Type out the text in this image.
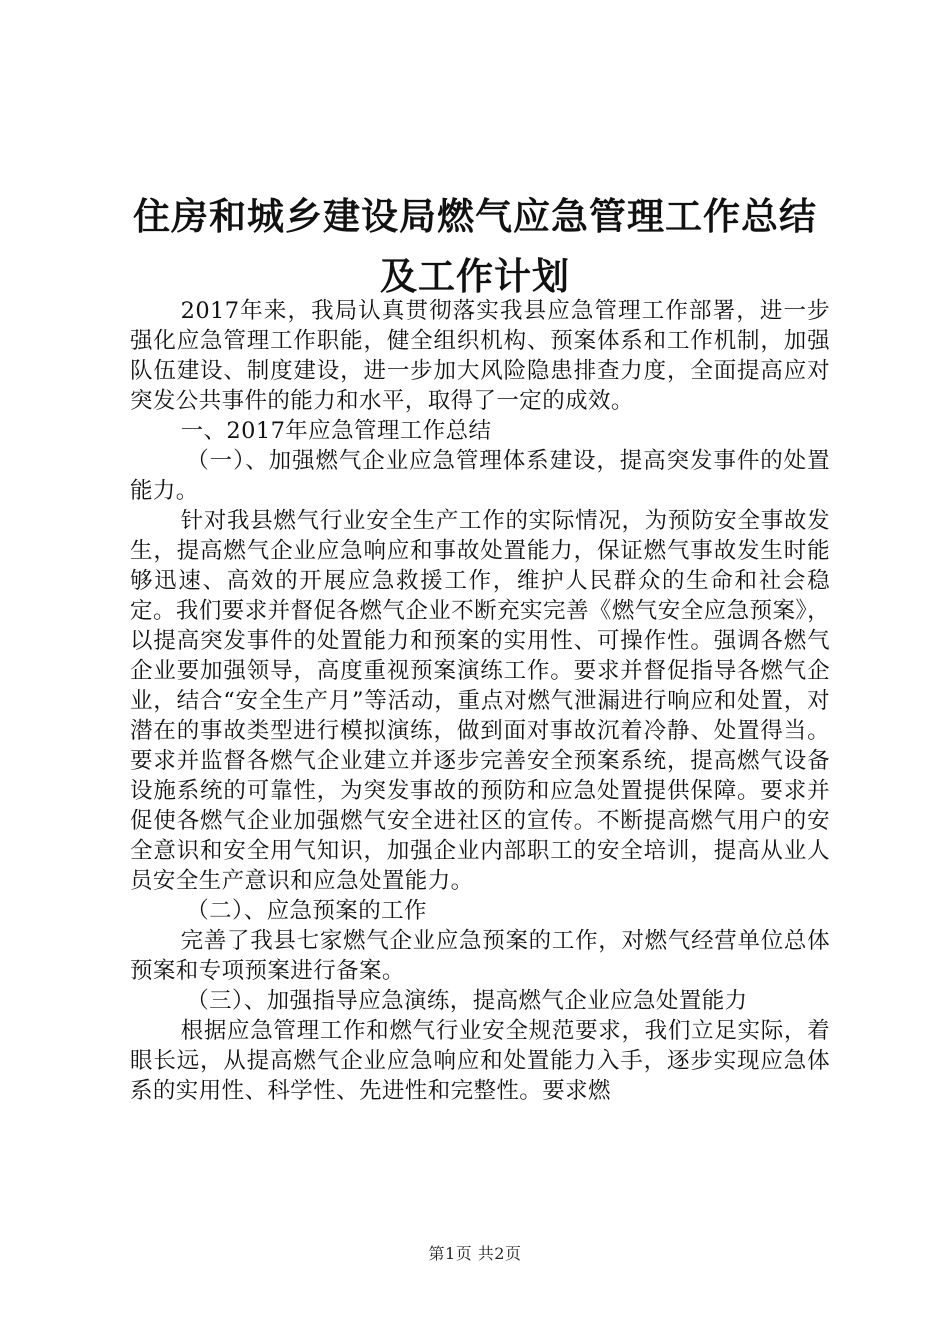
住房和城乡建设局燃气应急管理工作总结及工作计划

2017年来，我局认真贯彻落实我县应急管理工作部署，进一步强化应急管理工作职能，健全组织机构、预案体系和工作机制，加强队伍建设、制度建设，进一步加大风险隐患排查力度，全面提高应对突发公共事件的能力和水平，取得了一定的成效。

一、2017年应急管理工作总结

（一）、加强燃气企业应急管理体系建设，提高突发事件的处置能力。

针对我县燃气行业安全生产工作的实际情况，为预防安全事故发生，提高燃气企业应急响应和事故处置能力，保证燃气事故发生时能够迅速、高效的开展应急救援工作，维护人民群众的生命和社会稳定。我们要求并督促各燃气企业不断充实完善《燃气安全应急预案》，以提高突发事件的处置能力和预案的实用性、可操作性。强调各燃气企业要加强领导，高度重视预案演练工作。要求并督促指导各燃气企业，结合“安全生产月”等活动，重点对燃气泄漏进行响应和处置，对潜在的事故类型进行模拟演练，做到面对事故沉着冷静、处置得当。要求并监督各燃气企业建立并逐步完善安全预案系统，提高燃气设备设施系统的可靠性，为突发事故的预防和应急处置提供保障。要求并促使各燃气企业加强燃气安全进社区的宣传。不断提高燃气用户的安全意识和安全用气知识，加强企业内部职工的安全培训，提高从业人员安全生产意识和应急处置能力。

（二）、应急预案的工作

完善了我县七家燃气企业应急预案的工作，对燃气经营单位总体预案和专项预案进行备案。

（三）、加强指导应急演练，提高燃气企业应急处置能力

根据应急管理工作和燃气行业安全规范要求，我们立足实际，着眼长远，从提高燃气企业应急响应和处置能力入手，逐步实现应急体系的实用性、科学性、先进性和完整性。要求燃

第1页 共2页
